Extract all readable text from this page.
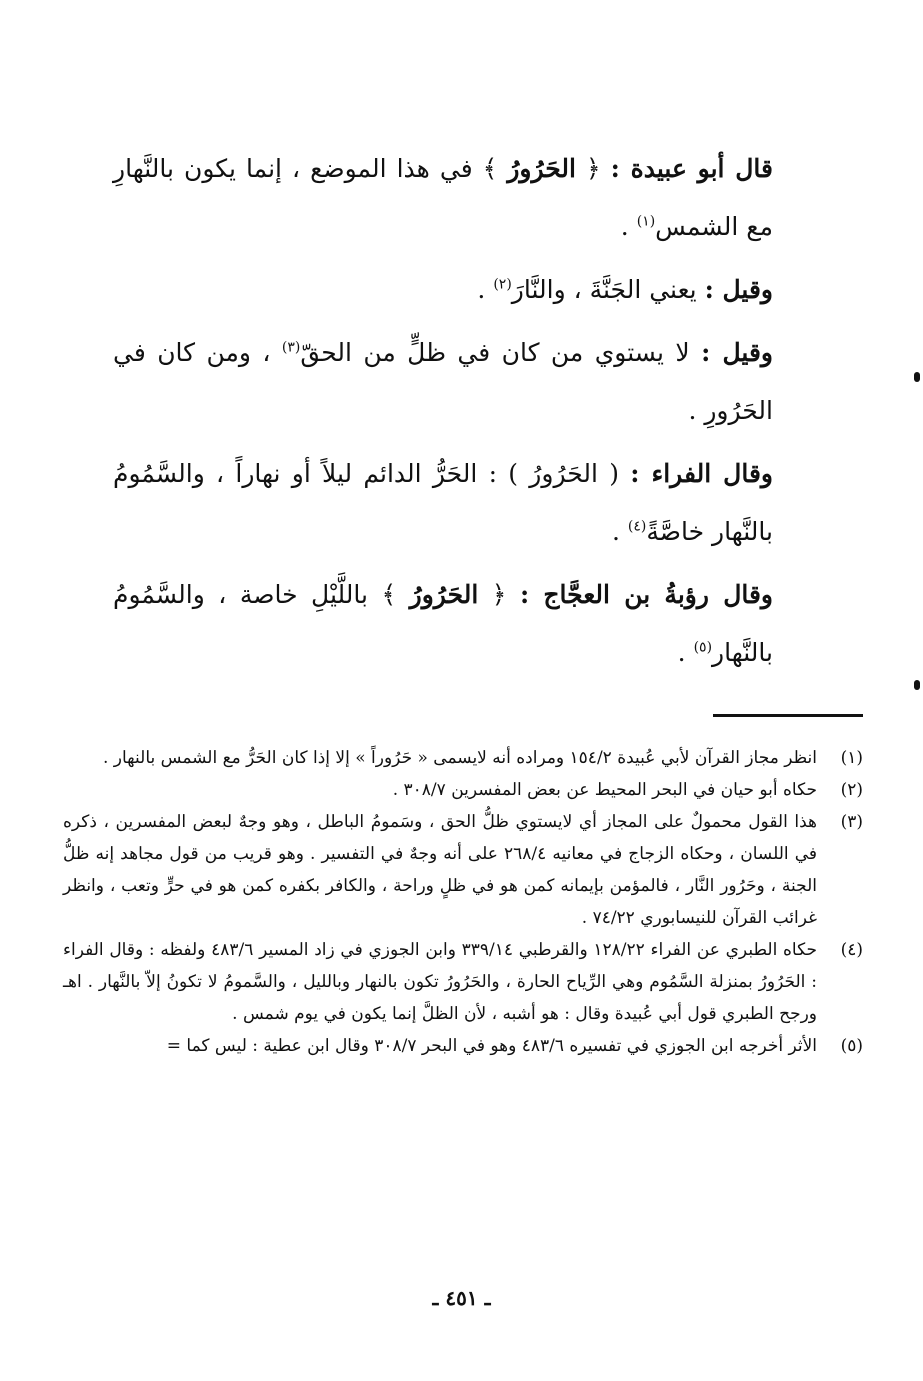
قال أبو عبيدة : ﴿ الحَرُورُ ﴾ في هذا الموضع ، إنما يكون بالنَّهارِ مع الشمس$^{(١)}$ .

وقيل : يعني الجَنَّةَ ، والنَّارَ$^{(٢)}$ .

وقيل : لا يستوي من كان في ظلٍّ من الحقّ$^{(٣)}$ ، ومن كان في الحَرُورِ .

وقال الفراء : ( الحَرُورُ ) : الحَرُّ الدائم ليلاً أو نهاراً ، والسَّمُومُ بالنَّهار خاصَّةً$^{(٤)}$ .

وقال رؤبةُ بن العجَّاج : ﴿ الحَرُورُ ﴾ باللَّيْلِ خاصة ، والسَّمُومُ بالنَّهار$^{(٥)}$ .

(١)
انظر مجاز القرآن لأبي عُبيدة ١٥٤/٢ ومراده أنه لايسمى « حَرُوراً » إلا إذا كان الحَرُّ مع الشمس بالنهار .
(٢)
حكاه أبو حيان في البحر المحيط عن بعض المفسرين ٣٠٨/٧ .
(٣)
هذا القول محمولٌ على المجاز أي لايستوي ظلُّ الحق ، وسَمومُ الباطل ، وهو وجهٌ لبعض المفسرين ، ذكره في اللسان ، وحكاه الزجاج في معانيه ٢٦٨/٤ على أنه وجهٌ في التفسير . وهو قريب من قول مجاهد إنه ظلُّ الجنة ، وحَرُور النَّار ، فالمؤمن بإيمانه كمن هو في ظلٍ وراحة ، والكافر بكفره كمن هو في حرٍّ وتعب ، وانظر غرائب القرآن للنيسابوري ٧٤/٢٢ .
(٤)
حكاه الطبري عن الفراء ١٢٨/٢٢ والقرطبي ٣٣٩/١٤ وابن الجوزي في زاد المسير ٤٨٣/٦ ولفظه : وقال الفراء : الحَرُورُ بمنزلة السَّمُوم وهي الرِّياح الحارة ، والحَرُورُ تكون بالنهار وبالليل ، والسَّمومُ لا تكونُ إلاّ بالنَّهار . اهـ ورجح الطبري قول أبي عُبيدة وقال : هو أشبه ، لأن الظلَّ إنما يكون في يوم شمس .
(٥)
الأثر أخرجه ابن الجوزي في تفسيره ٤٨٣/٦ وهو في البحر ٣٠٨/٧ وقال ابن عطية : ليس كما =
ـ ٤٥١ ـ
